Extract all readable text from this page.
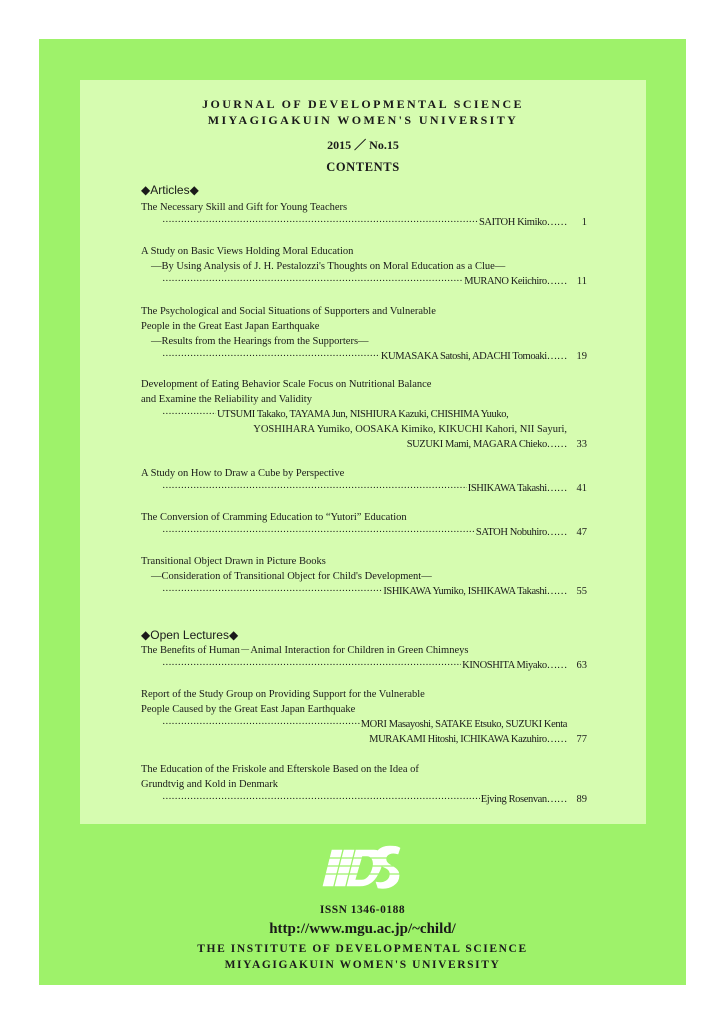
JOURNAL OF DEVELOPMENTAL SCIENCE
MIYAGIGAKUIN WOMEN'S UNIVERSITY
2015 ／ No.15
CONTENTS
◆Articles◆
The Necessary Skill and Gift for Young Teachers
·····
SAITOH Kimiko……	1
A Study on Basic Views Holding Moral Education
—By Using Analysis of J. H. Pestalozzi's Thoughts on Moral Education as a Clue—
·····
MURANO Keiichiro…… 11
The Psychological and Social Situations of Supporters and Vulnerable
People in the Great East Japan Earthquake
—Results from the Hearings from the Supporters—
·····
KUMASAKA Satoshi, ADACHI Tomoaki…… 19
Development of Eating Behavior Scale Focus on Nutritional Balance
and Examine the Reliability and Validity
·····
UTSUMI Takako, TAYAMA Jun, NISHIURA Kazuki, CHISHIMA Yuuko,
YOSHIHARA Yumiko, OOSAKA Kimiko, KIKUCHI Kahori, NII Sayuri,
SUZUKI Mami, MAGARA Chieko…… 33
A Study on How to Draw a Cube by Perspective
·····
ISHIKAWA Takashi…… 41
The Conversion of Cramming Education to “Yutori” Education
·····
SATOH Nobuhiro…… 47
Transitional Object Drawn in Picture Books
—Consideration of Transitional Object for Child's Development—
·····
ISHIKAWA Yumiko, ISHIKAWA Takashi…… 55
◆Open Lectures◆
The Benefits of Human－Animal Interaction for Children in Green Chimneys
·····
KINOSHITA Miyako…… 63
Report of the Study Group on Providing Support for the Vulnerable
People Caused by the Great East Japan Earthquake
·····
MORI Masayoshi, SATAKE Etsuko, SUZUKI Kenta
MURAKAMI Hitoshi, ICHIKAWA Kazuhiro…… 77
The Education of the Friskole and Efterskole Based on the Idea of
Grundtvig and Kold in Denmark
·····
Ejving Rosenvan…… 89
ISSN 1346-0188
http://www.mgu.ac.jp/~child/
THE INSTITUTE OF DEVELOPMENTAL SCIENCE
MIYAGIGAKUIN WOMEN'S UNIVERSITY
